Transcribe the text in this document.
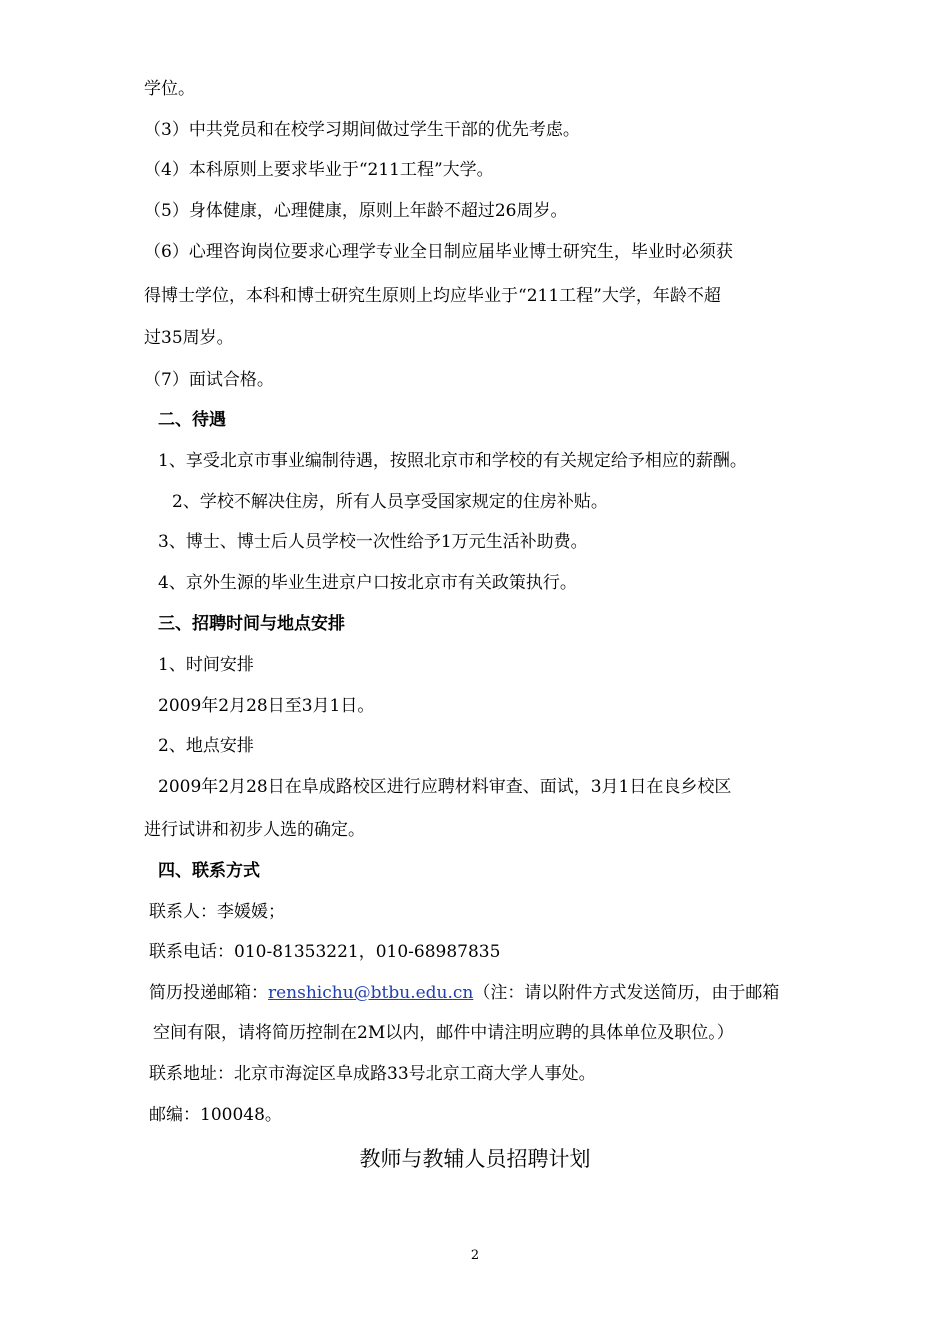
学位。
（3）中共党员和在校学习期间做过学生干部的优先考虑。
（4）本科原则上要求毕业于“211工程”大学。
（5）身体健康，心理健康，原则上年龄不超过26周岁。
（6）心理咨询岗位要求心理学专业全日制应届毕业博士研究生，毕业时必须获
得博士学位，本科和博士研究生原则上均应毕业于“211工程”大学，年龄不超
过35周岁。
（7）面试合格。
二、待遇
1、享受北京市事业编制待遇，按照北京市和学校的有关规定给予相应的薪酬。
2、学校不解决住房，所有人员享受国家规定的住房补贴。
3、博士、博士后人员学校一次性给予1万元生活补助费。
4、京外生源的毕业生进京户口按北京市有关政策执行。
三、招聘时间与地点安排
1、时间安排
2009年2月28日至3月1日。
2、地点安排
2009年2月28日在阜成路校区进行应聘材料审查、面试，3月1日在良乡校区
进行试讲和初步人选的确定。
四、联系方式
联系人：李媛媛；
联系电话：010-81353221，010-68987835
简历投递邮箱：renshichu@btbu.edu.cn（注：请以附件方式发送简历，由于邮箱
空间有限，请将简历控制在2M以内，邮件中请注明应聘的具体单位及职位。）
联系地址：北京市海淀区阜成路33号北京工商大学人事处。
邮编：100048。
教师与教辅人员招聘计划
2
